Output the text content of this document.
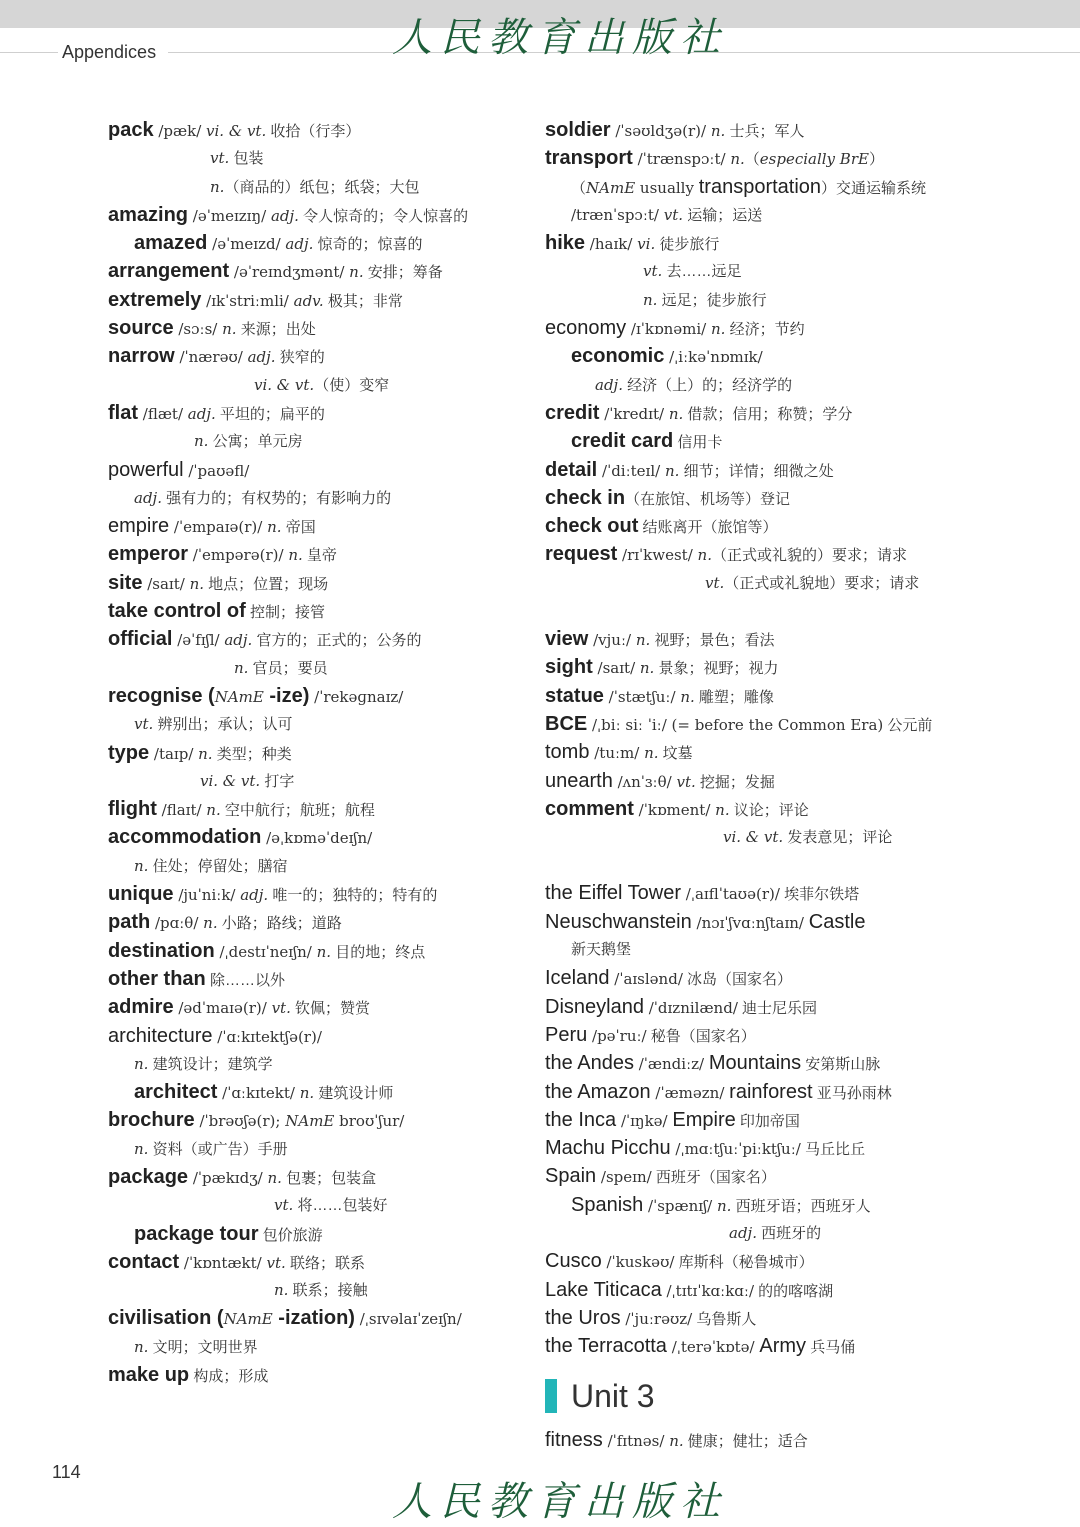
Appendices	人民教育出版社
pack /pæk/ vi. & vt. 收拾（行李）
vt. 包装
n.（商品的）纸包；纸袋；大包
amazing /əˈmeɪzɪŋ/ adj. 令人惊奇的；令人惊喜的
amazed /əˈmeɪzd/ adj. 惊奇的；惊喜的
arrangement /əˈreɪndʒmənt/ n. 安排；筹备
extremely /ɪkˈstriːmli/ adv. 极其；非常
source /sɔːs/ n. 来源；出处
narrow /ˈnærəʊ/ adj. 狭窄的
vi. & vt.（使）变窄
flat /flæt/ adj. 平坦的；扁平的
n. 公寓；单元房
powerful /ˈpaʊəfl/
adj. 强有力的；有权势的；有影响力的
empire /ˈempaɪə(r)/ n. 帝国
emperor /ˈempərə(r)/ n. 皇帝
site /saɪt/ n. 地点；位置；现场
take control of 控制；接管
official /əˈfɪʃl/ adj. 官方的；正式的；公务的
n. 官员；要员
recognise (NAmE -ize) /ˈrekəɡnaɪz/
vt. 辨别出；承认；认可
type /taɪp/ n. 类型；种类
vi. & vt. 打字
flight /flaɪt/ n. 空中航行；航班；航程
accommodation /əˌkɒməˈdeɪʃn/
n. 住处；停留处；膳宿
unique /juˈniːk/ adj. 唯一的；独特的；特有的
path /pɑːθ/ n. 小路；路线；道路
destination /ˌdestɪˈneɪʃn/ n. 目的地；终点
other than 除……以外
admire /ədˈmaɪə(r)/ vt. 钦佩；赞赏
architecture /ˈɑːkɪtektʃə(r)/
n. 建筑设计；建筑学
architect /ˈɑːkɪtekt/ n. 建筑设计师
brochure /ˈbrəʊʃə(r); NAmE broʊˈʃur/
n. 资料（或广告）手册
package /ˈpækɪdʒ/ n. 包裹；包装盒
vt. 将……包装好
package tour 包价旅游
contact /ˈkɒntækt/ vt. 联络；联系
n. 联系；接触
civilisation (NAmE -ization) /ˌsɪvəlaɪˈzeɪʃn/
n. 文明；文明世界
make up 构成；形成
soldier /ˈsəʊldʒə(r)/ n. 士兵；军人
transport /ˈtrænspɔːt/ n.（especially BrE）
（NAmE usually transportation）交通运输系统
/trænˈspɔːt/ vt. 运输；运送
hike /haɪk/ vi. 徒步旅行
vt. 去……远足
n. 远足；徒步旅行
economy /ɪˈkɒnəmi/ n. 经济；节约
economic /ˌiːkəˈnɒmɪk/
adj. 经济（上）的；经济学的
credit /ˈkredɪt/ n. 借款；信用；称赞；学分
credit card 信用卡
detail /ˈdiːteɪl/ n. 细节；详情；细微之处
check in（在旅馆、机场等）登记
check out 结账离开（旅馆等）
request /rɪˈkwest/ n.（正式或礼貌的）要求；请求
vt.（正式或礼貌地）要求；请求
view /vjuː/ n. 视野；景色；看法
sight /saɪt/ n. 景象；视野；视力
statue /ˈstætʃuː/ n. 雕塑；雕像
BCE /ˌbiː siː ˈiː/ (= before the Common Era) 公元前
tomb /tuːm/ n. 坟墓
unearth /ʌnˈɜːθ/ vt. 挖掘；发掘
comment /ˈkɒment/ n. 议论；评论
vi. & vt. 发表意见；评论
the Eiffel Tower /ˌaɪflˈtaʊə(r)/ 埃菲尔铁塔
Neuschwanstein /nɔɪˈʃvɑːnʃtaɪn/ Castle
新天鹅堡
Iceland /ˈaɪslənd/ 冰岛（国家名）
Disneyland /ˈdɪznilænd/ 迪士尼乐园
Peru /pəˈruː/ 秘鲁（国家名）
the Andes /ˈændiːz/ Mountains 安第斯山脉
the Amazon /ˈæməzn/ rainforest 亚马孙雨林
the Inca /ˈɪŋkə/ Empire 印加帝国
Machu Picchu /ˌmɑːtʃuːˈpiːktʃuː/ 马丘比丘
Spain /speɪn/ 西班牙（国家名）
Spanish /ˈspænɪʃ/ n. 西班牙语；西班牙人
adj. 西班牙的
Cusco /ˈkuskəʊ/ 库斯科（秘鲁城市）
Lake Titicaca /ˌtɪtɪˈkɑːkɑː/ 的的喀喀湖
the Uros /ˈjuːrəʊz/ 乌鲁斯人
the Terracotta /ˌterəˈkɒtə/ Army 兵马俑
Unit 3
fitness /ˈfɪtnəs/ n. 健康；健壮；适合
114
人民教育出版社
